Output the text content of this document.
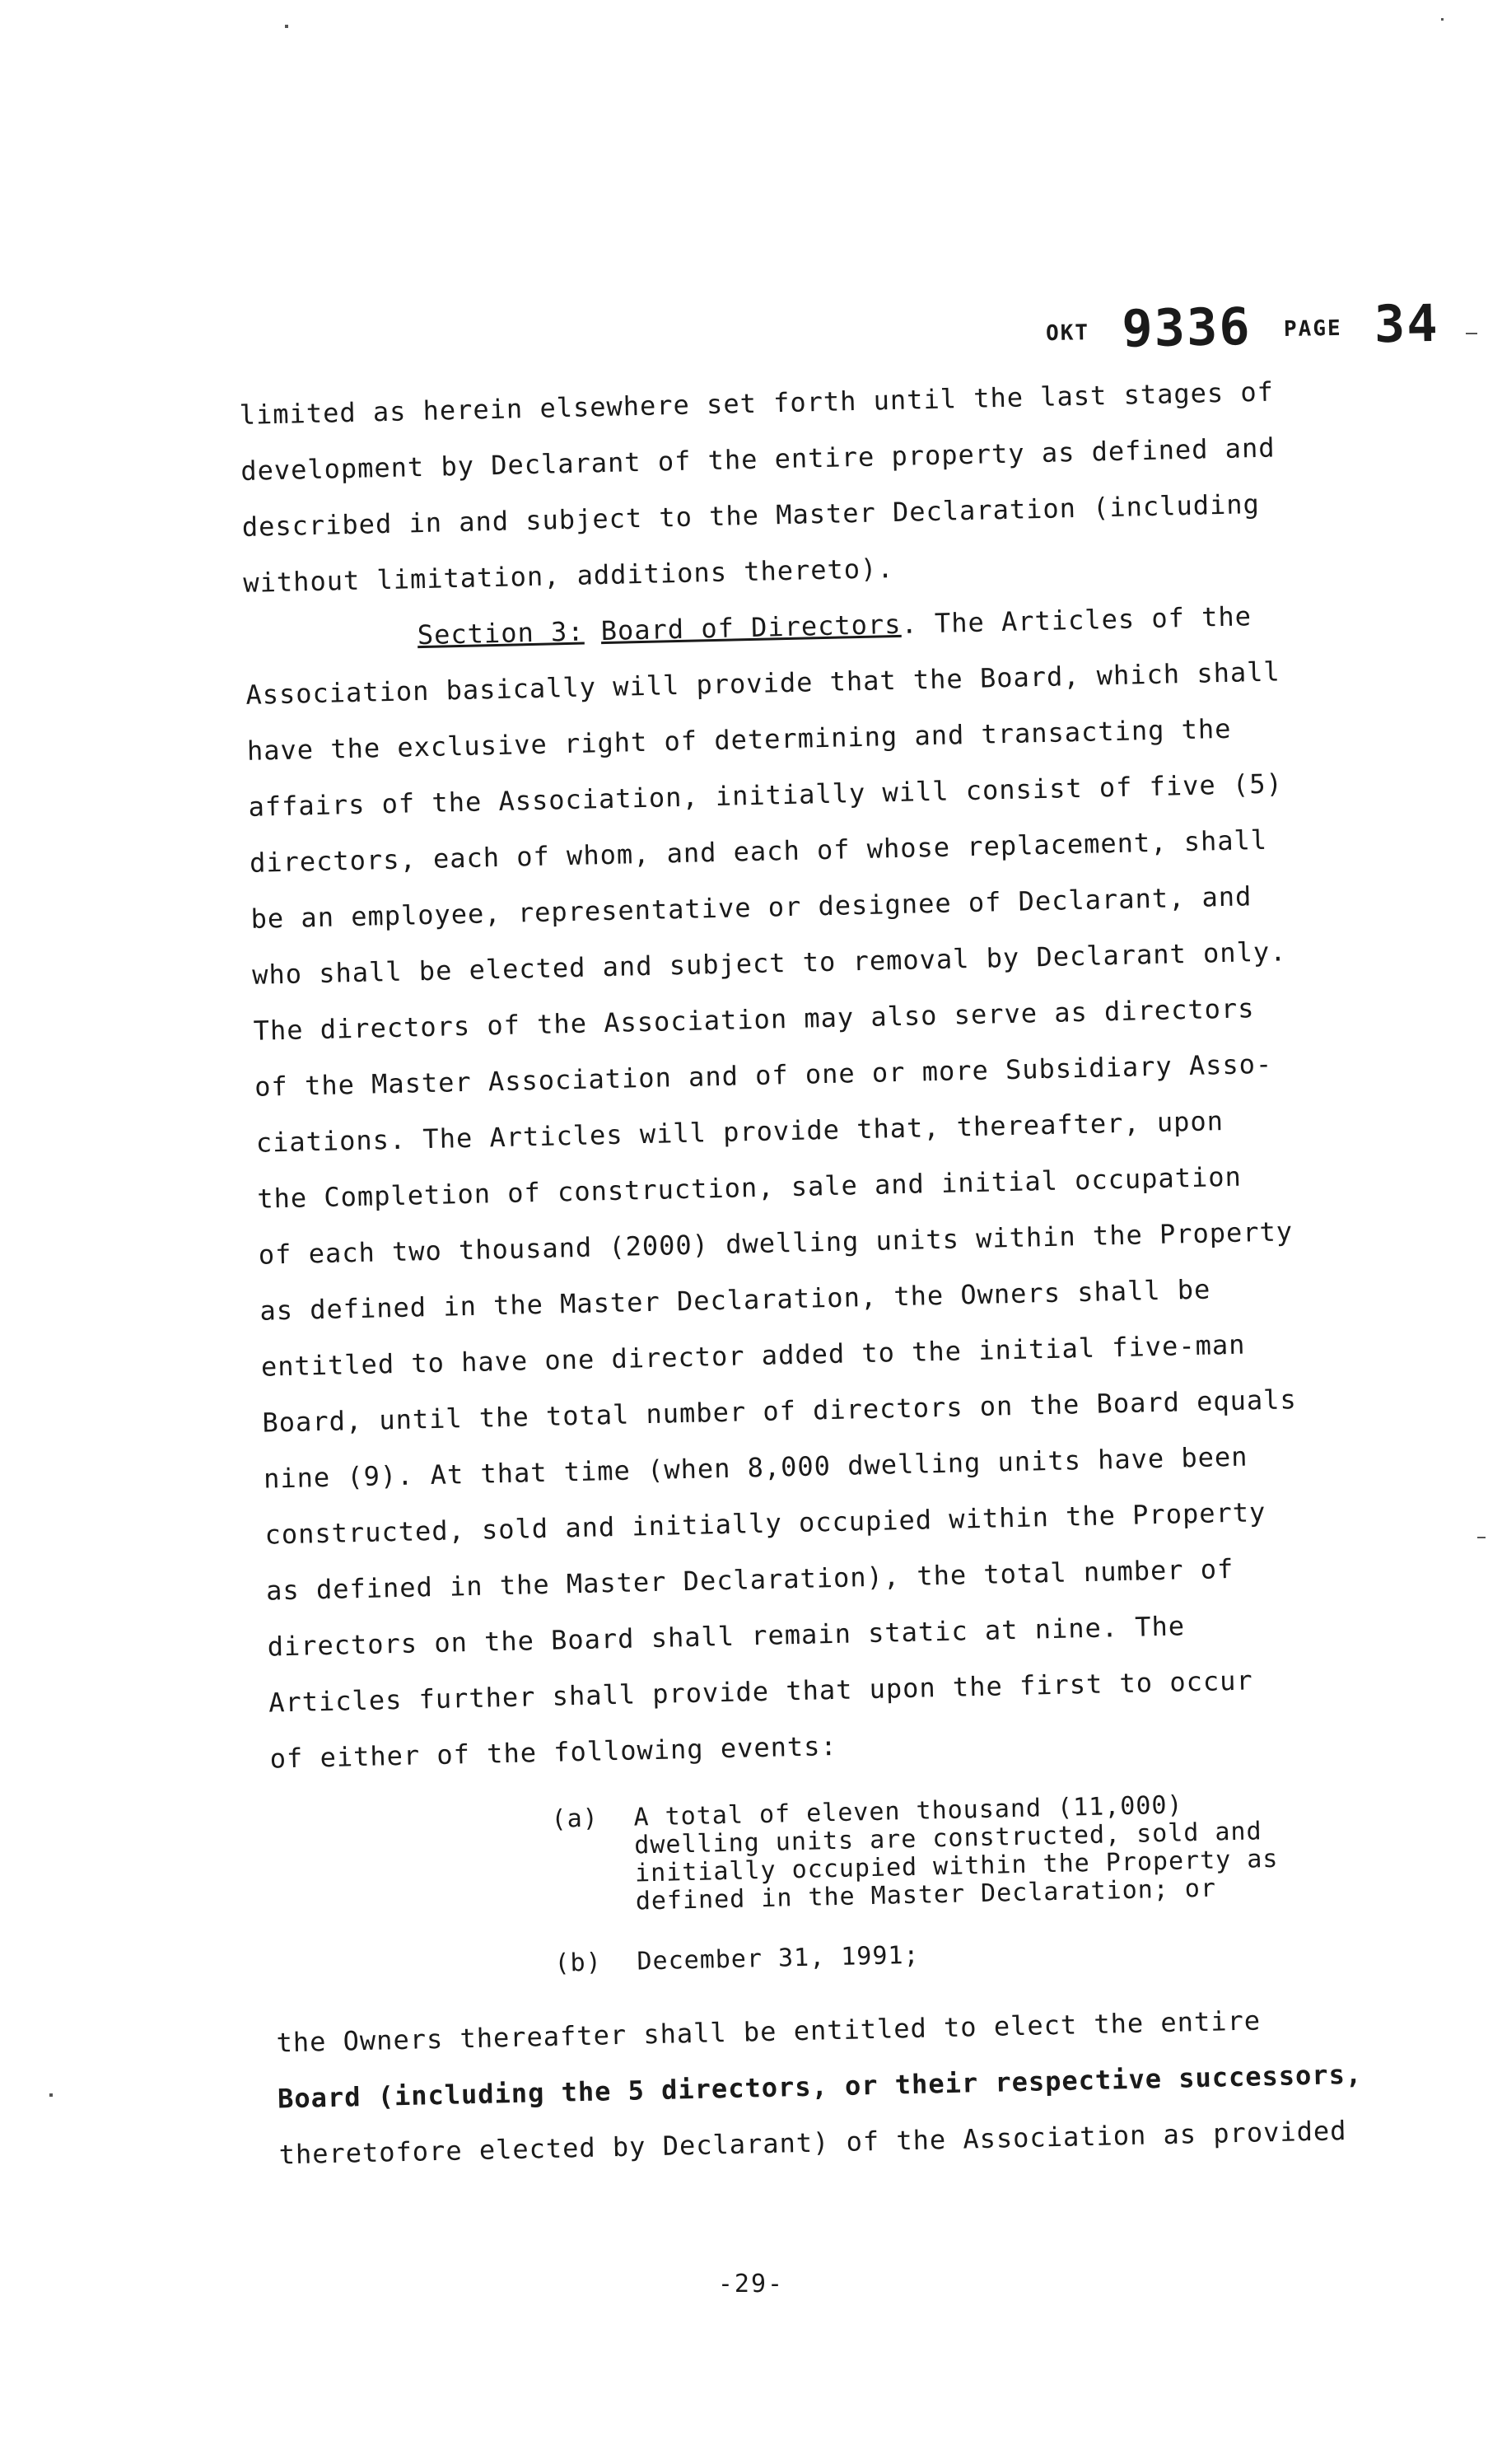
OKT 9336 PAGE 34
limited as herein elsewhere set forth until the last stages of
development by Declarant of the entire property as defined and
described in and subject to the Master Declaration (including
without limitation, additions thereto).
Section 3: Board of Directors. The Articles of the
Association basically will provide that the Board, which shall
have the exclusive right of determining and transacting the
affairs of the Association, initially will consist of five (5)
directors, each of whom, and each of whose replacement, shall
be an employee, representative or designee of Declarant, and
who shall be elected and subject to removal by Declarant only.
The directors of the Association may also serve as directors
of the Master Association and of one or more Subsidiary Asso-
ciations. The Articles will provide that, thereafter, upon
the Completion of construction, sale and initial occupation
of each two thousand (2000) dwelling units within the Property
as defined in the Master Declaration, the Owners shall be
entitled to have one director added to the initial five-man
Board, until the total number of directors on the Board equals
nine (9). At that time (when 8,000 dwelling units have been
constructed, sold and initially occupied within the Property
as defined in the Master Declaration), the total number of
directors on the Board shall remain static at nine. The
Articles further shall provide that upon the first to occur
of either of the following events:
(a)	A total of eleven thousand (11,000) dwelling units are constructed, sold and initially occupied within the Property as defined in the Master Declaration; or
(b)	December 31, 1991;
the Owners thereafter shall be entitled to elect the entire
Board (including the 5 directors, or their respective successors,
theretofore elected by Declarant) of the Association as provided
-29-
